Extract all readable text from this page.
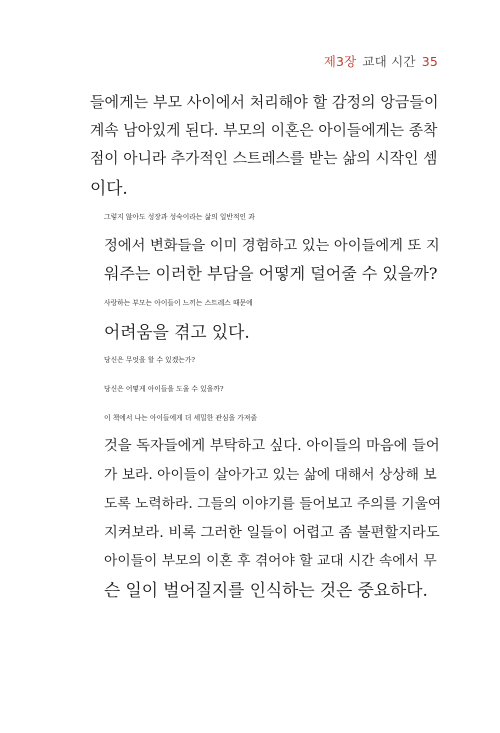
제3장 교대 시간 35

들에게는 부모 사이에서 처리해야 할 감정의 앙금들이
계속 남아있게 된다. 부모의 이혼은 아이들에게는 종착
점이 아니라 추가적인 스트레스를 받는 삶의 시작인 셈
이다.

그렇지 않아도 성장과 성숙이라는 삶의 일반적인 과
정에서 변화들을 이미 경험하고 있는 아이들에게 또 지
워주는 이러한 부담을 어떻게 덜어줄 수 있을까?

사랑하는 부모는 아이들이 느끼는 스트레스 때문에
어려움을 겪고 있다.

당신은 무엇을 할 수 있겠는가?

당신은 어떻게 아이들을 도울 수 있을까?

이 책에서 나는 아이들에게 더 세밀한 관심을 가져줄
것을 독자들에게 부탁하고 싶다. 아이들의 마음에 들어
가 보라. 아이들이 살아가고 있는 삶에 대해서 상상해 보
도록 노력하라. 그들의 이야기를 들어보고 주의를 기울여
지켜보라. 비록 그러한 일들이 어렵고 좀 불편할지라도
아이들이 부모의 이혼 후 겪어야 할 교대 시간 속에서 무
슨 일이 벌어질지를 인식하는 것은 중요하다.
